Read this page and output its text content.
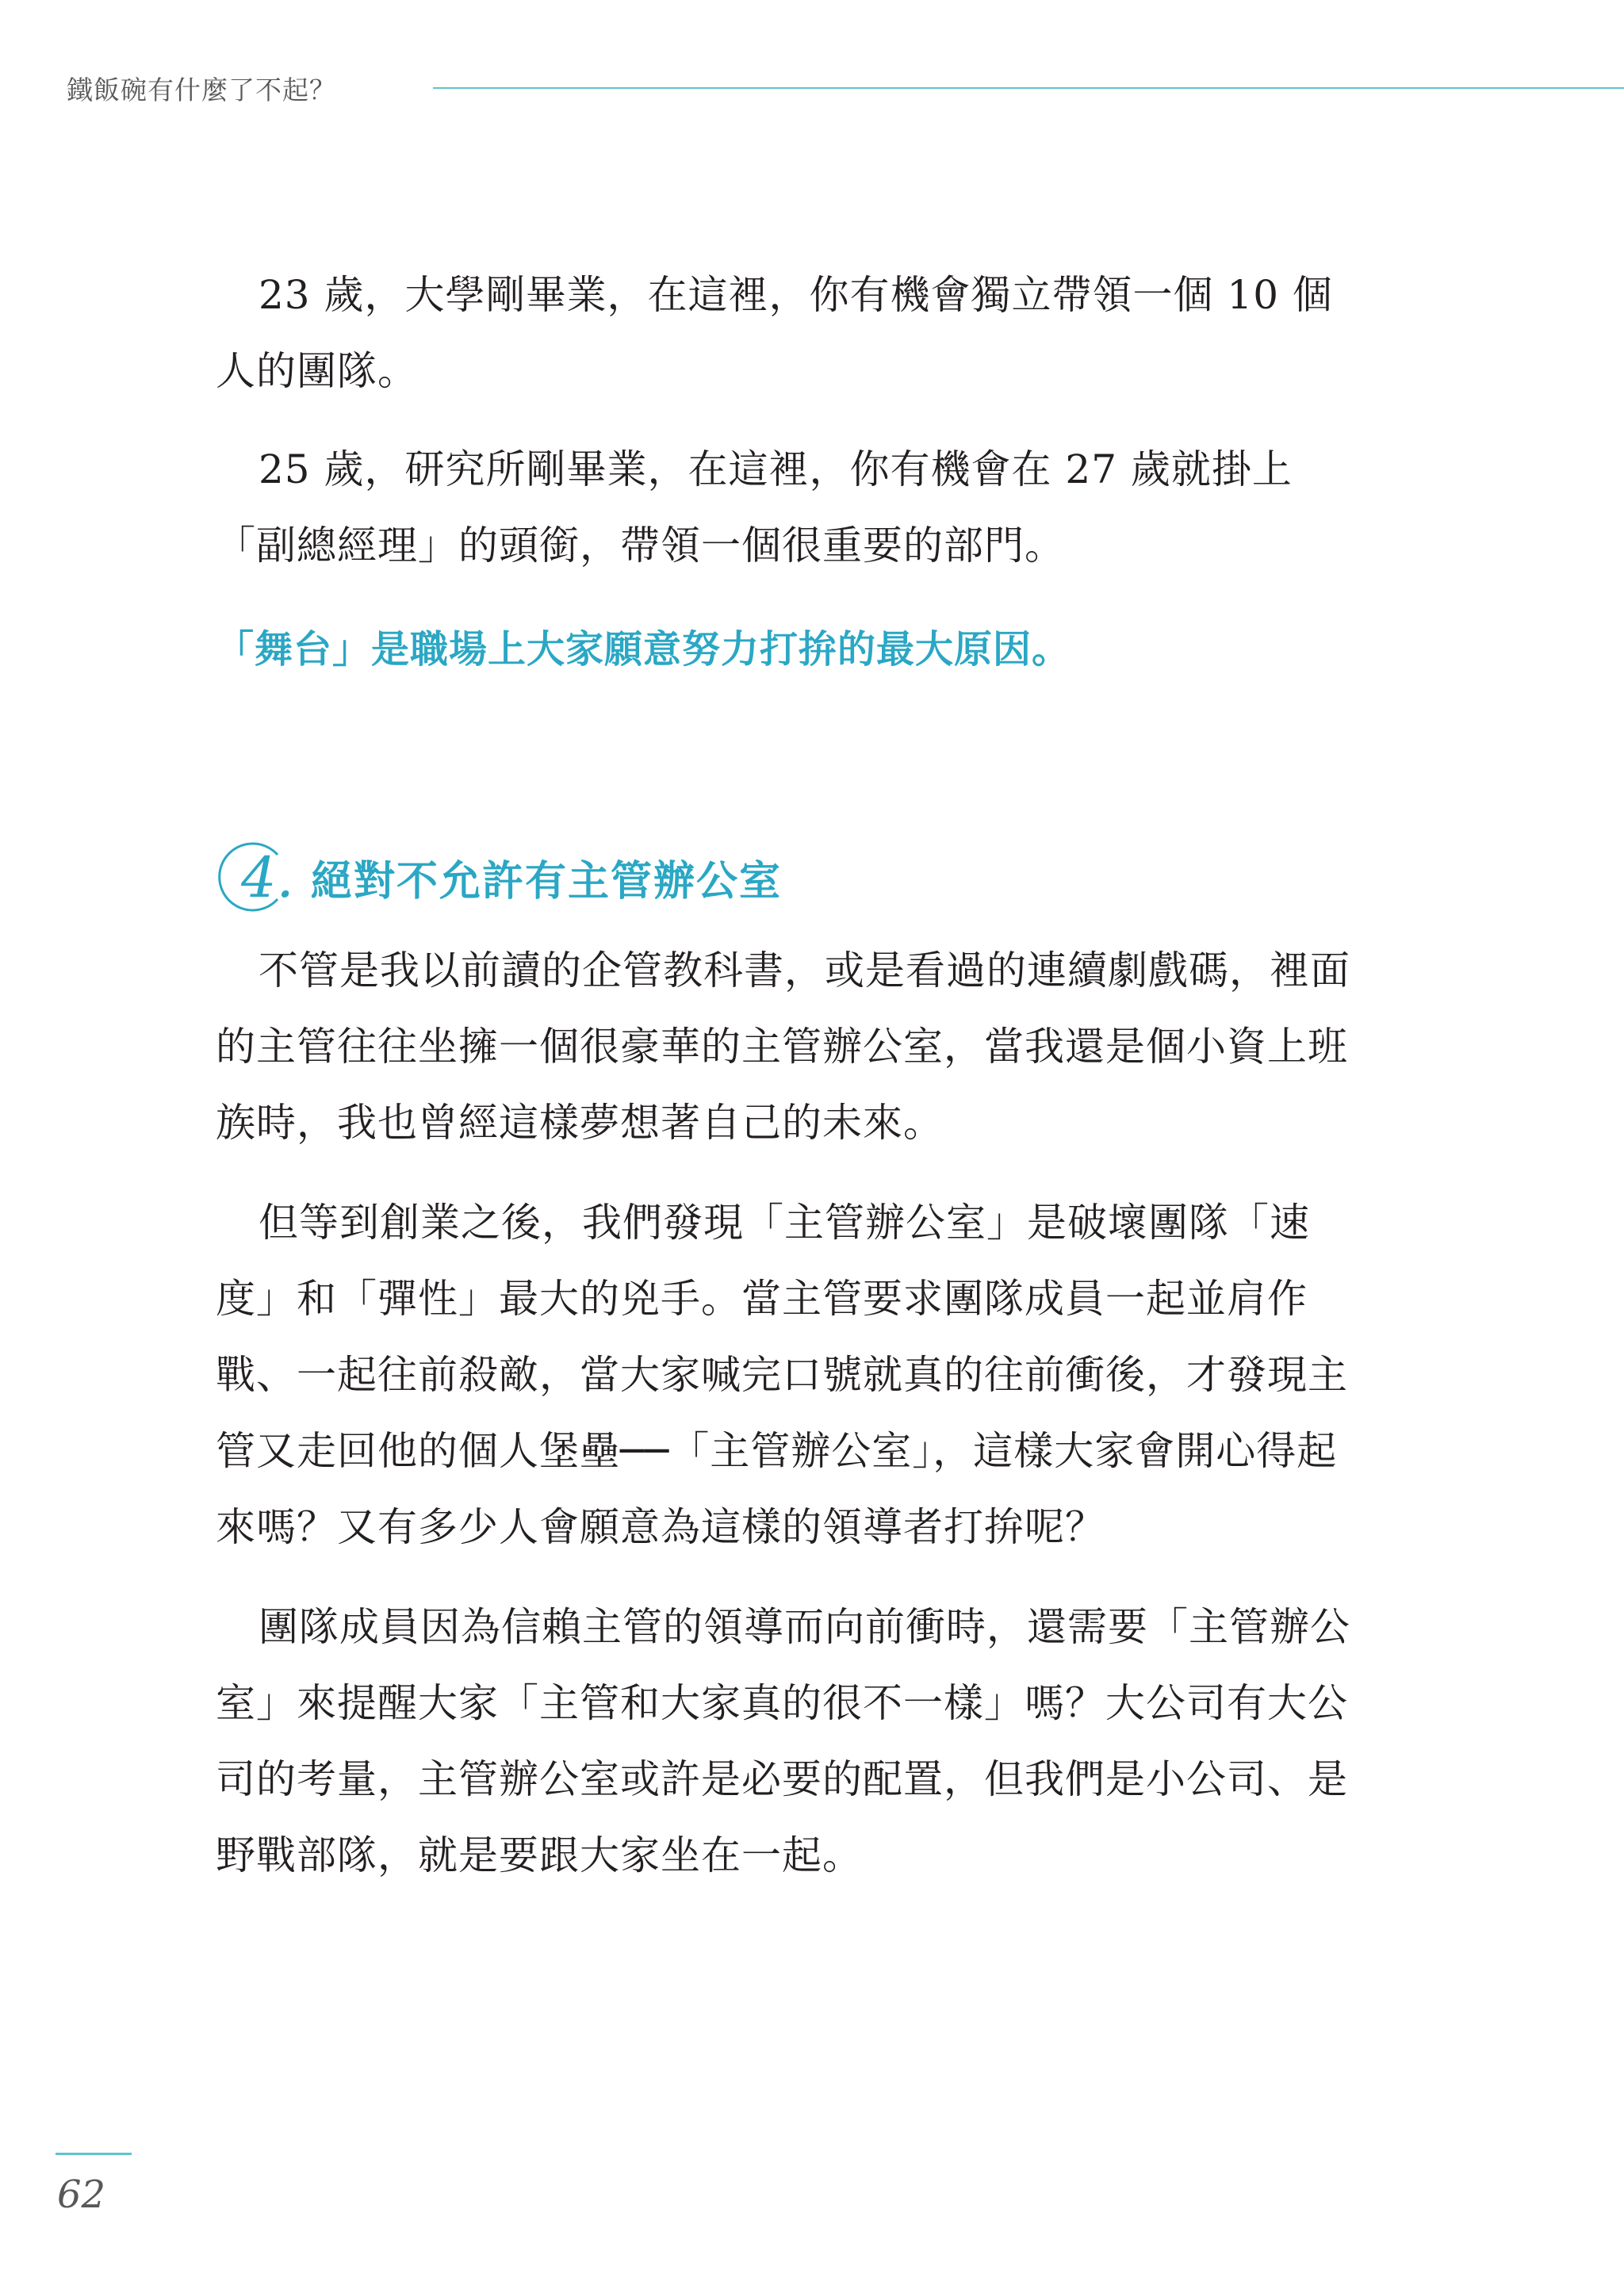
鐵飯碗有什麼了不起？

23 歲，大學剛畢業，在這裡，你有機會獨立帶領一個 10 個人的團隊。

25 歲，研究所剛畢業，在這裡，你有機會在 27 歲就掛上「副總經理」的頭銜，帶領一個很重要的部門。

「舞台」是職場上大家願意努力打拚的最大原因。

4. 絕對不允許有主管辦公室

不管是我以前讀的企管教科書，或是看過的連續劇戲碼，裡面的主管往往坐擁一個很豪華的主管辦公室，當我還是個小資上班族時，我也曾經這樣夢想著自己的未來。

但等到創業之後，我們發現「主管辦公室」是破壞團隊「速度」和「彈性」最大的兇手。當主管要求團隊成員一起並肩作戰、一起往前殺敵，當大家喊完口號就真的往前衝後，才發現主管又走回他的個人堡壘──「主管辦公室」，這樣大家會開心得起來嗎？又有多少人會願意為這樣的領導者打拚呢？

團隊成員因為信賴主管的領導而向前衝時，還需要「主管辦公室」來提醒大家「主管和大家真的很不一樣」嗎？大公司有大公司的考量，主管辦公室或許是必要的配置，但我們是小公司、是野戰部隊，就是要跟大家坐在一起。

62
